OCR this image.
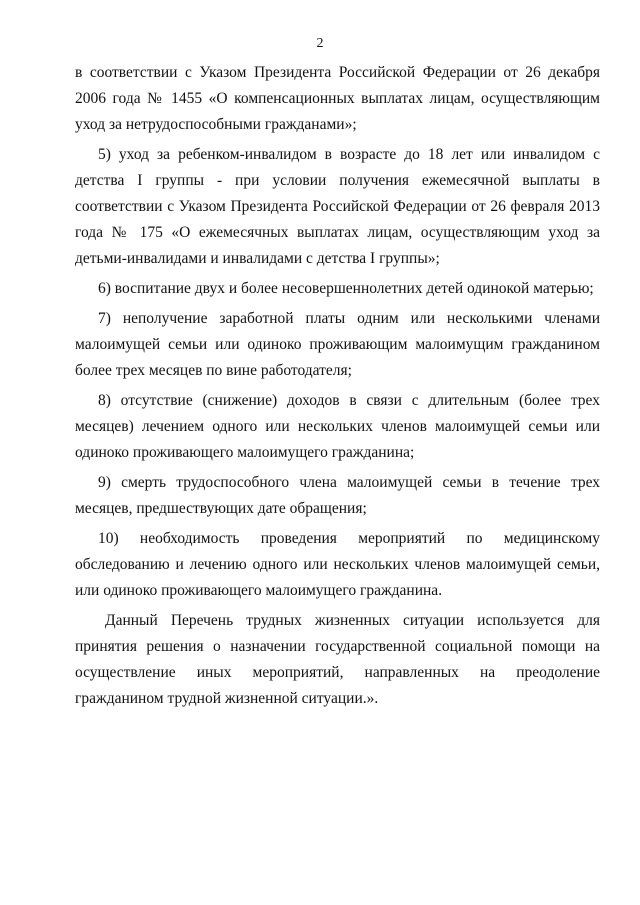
2

в соответствии с Указом Президента Российской Федерации от 26 декабря 2006 года № 1455 «О компенсационных выплатах лицам, осуществляющим уход за нетрудоспособными гражданами»;

5) уход за ребенком-инвалидом в возрасте до 18 лет или инвалидом с детства I группы - при условии получения ежемесячной выплаты в соответствии с Указом Президента Российской Федерации от 26 февраля 2013 года № 175 «О ежемесячных выплатах лицам, осуществляющим уход за детьми-инвалидами и инвалидами с детства I группы»;

6) воспитание двух и более несовершеннолетних детей одинокой матерью;

7) неполучение заработной платы одним или несколькими членами малоимущей семьи или одиноко проживающим малоимущим гражданином более трех месяцев по вине работодателя;

8) отсутствие (снижение) доходов в связи с длительным (более трех месяцев) лечением одного или нескольких членов малоимущей семьи или одиноко проживающего малоимущего гражданина;

9) смерть трудоспособного члена малоимущей семьи в течение трех месяцев, предшествующих дате обращения;

10) необходимость проведения мероприятий по медицинскому обследованию и лечению одного или нескольких членов малоимущей семьи, или одиноко проживающего малоимущего гражданина.

Данный Перечень трудных жизненных ситуации используется для принятия решения о назначении государственной социальной помощи на осуществление иных мероприятий, направленных на преодоление гражданином трудной жизненной ситуации.».
